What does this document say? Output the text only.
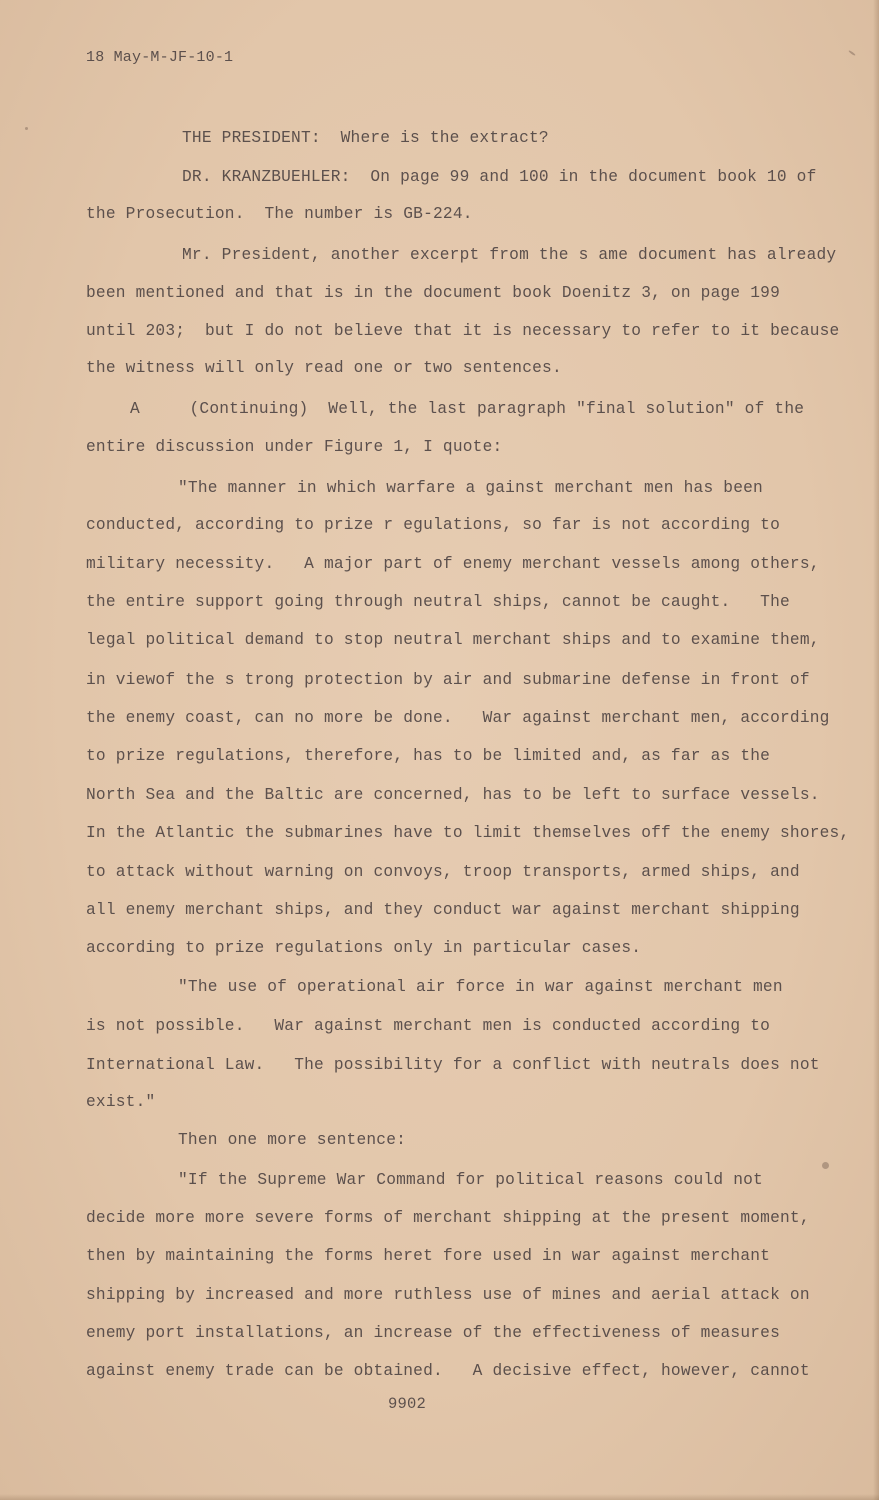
18 May-M-JF-10-1
THE PRESIDENT:  Where is the extract?
DR. KRANZBUEHLER:  On page 99 and 100 in the document book 10 of
the Prosecution.  The number is GB-224.
Mr. President, another excerpt from the s ame document has already
been mentioned and that is in the document book Doenitz 3, on page 199
until 203;  but I do not believe that it is necessary to refer to it because
the witness will only read one or two sentences.
A     (Continuing)  Well, the last paragraph "final solution" of the
entire discussion under Figure 1, I quote:
"The manner in which warfare a gainst merchant men has been
conducted, according to prize r egulations, so far is not according to
military necessity.   A major part of enemy merchant vessels among others,
the entire support going through neutral ships, cannot be caught.   The
legal political demand to stop neutral merchant ships and to examine them,
in viewof the s trong protection by air and submarine defense in front of
the enemy coast, can no more be done.   War against merchant men, according
to prize regulations, therefore, has to be limited and, as far as the
North Sea and the Baltic are concerned, has to be left to surface vessels.
In the Atlantic the submarines have to limit themselves off the enemy shores,
to attack without warning on convoys, troop transports, armed ships, and
all enemy merchant ships, and they conduct war against merchant shipping
according to prize regulations only in particular cases.
"The use of operational air force in war against merchant men
is not possible.   War against merchant men is conducted according to
International Law.   The possibility for a conflict with neutrals does not
exist."
Then one more sentence:
"If the Supreme War Command for political reasons could not
decide more more severe forms of merchant shipping at the present moment,
then by maintaining the forms heret fore used in war against merchant
shipping by increased and more ruthless use of mines and aerial attack on
enemy port installations, an increase of the effectiveness of measures
against enemy trade can be obtained.   A decisive effect, however, cannot
9902
